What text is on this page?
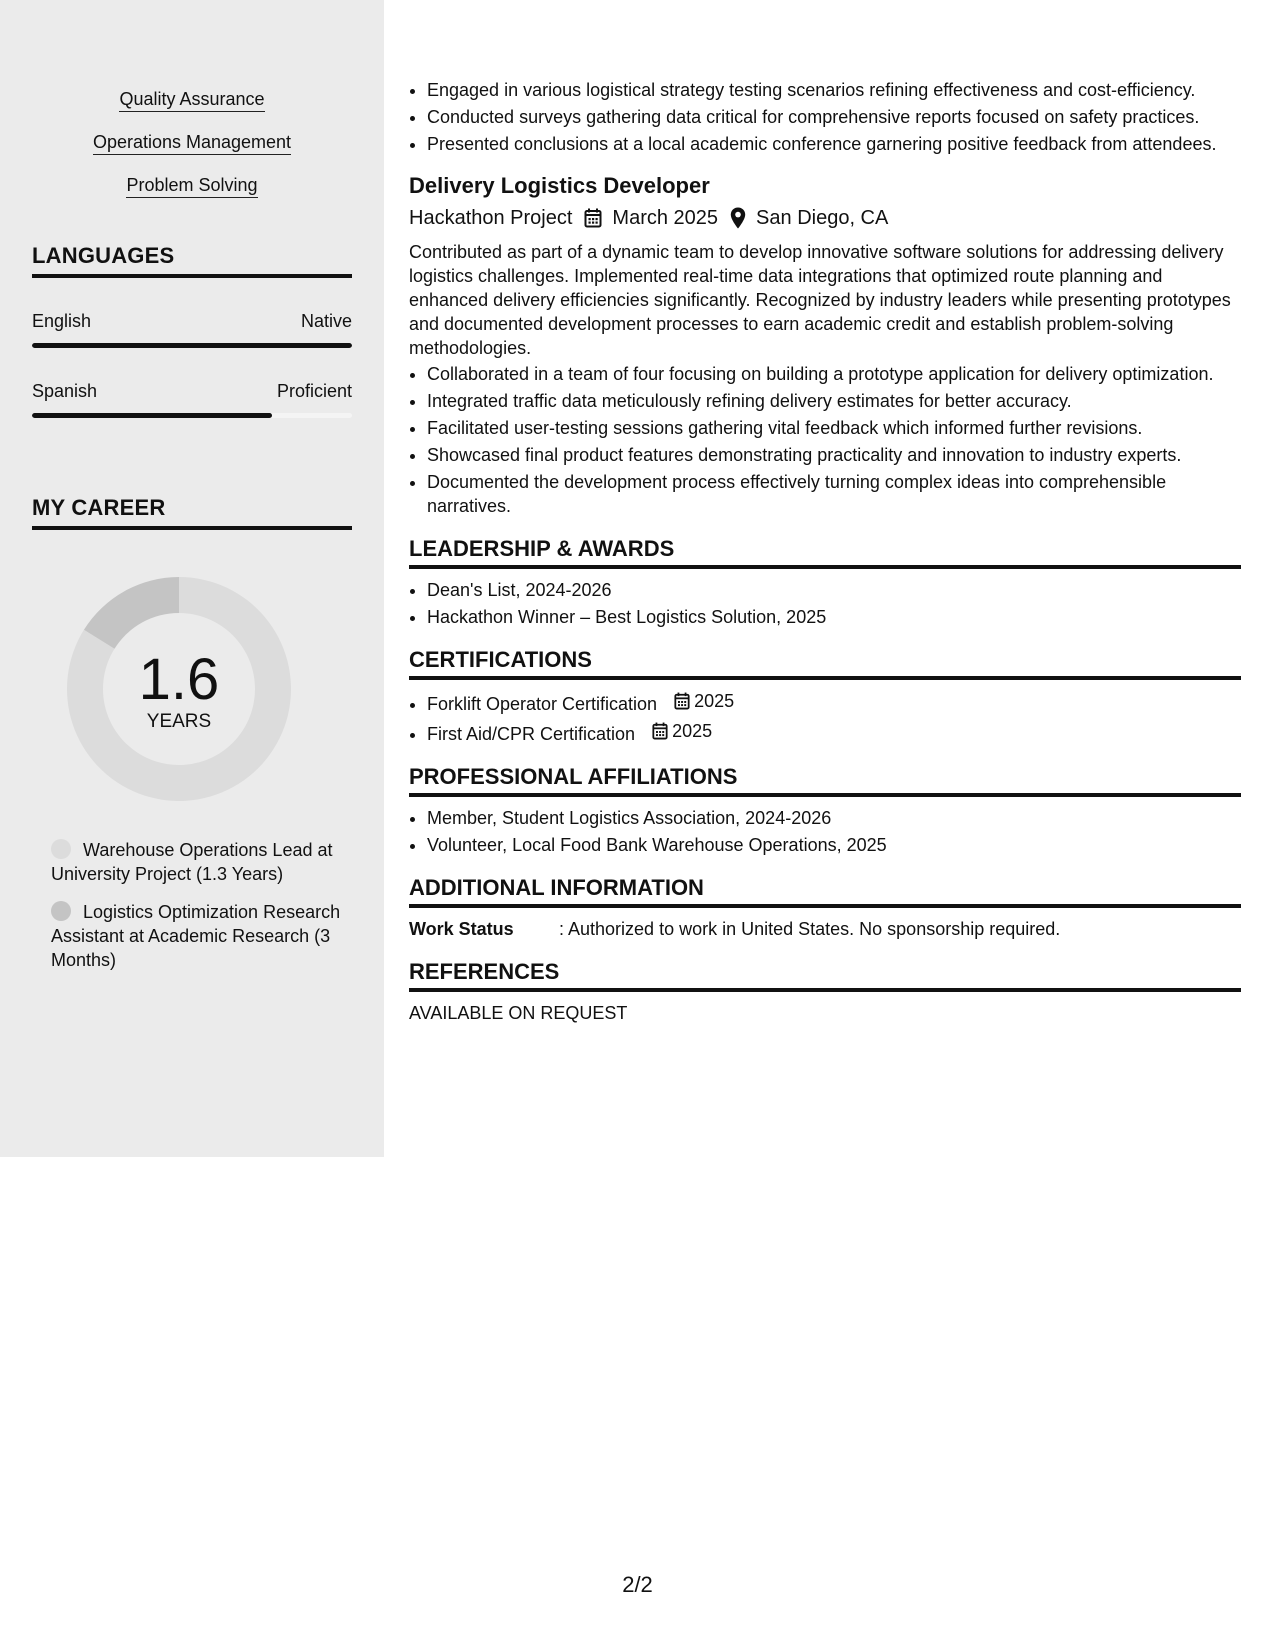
Quality Assurance
Operations Management
Problem Solving
LANGUAGES
English	Native
Spanish	Proficient
MY CAREER
1.6
YEARS
Warehouse Operations Lead at University Project (1.3 Years)
Logistics Optimization Research Assistant at Academic Research (3 Months)
• Engaged in various logistical strategy testing scenarios refining effectiveness and cost-efficiency.
• Conducted surveys gathering data critical for comprehensive reports focused on safety practices.
• Presented conclusions at a local academic conference garnering positive feedback from attendees.
Delivery Logistics Developer
Hackathon Project March 2025 San Diego, CA
Contributed as part of a dynamic team to develop innovative software solutions for addressing delivery logistics challenges. Implemented real-time data integrations that optimized route planning and enhanced delivery efficiencies significantly. Recognized by industry leaders while presenting prototypes and documented development processes to earn academic credit and establish problem-solving methodologies.
• Collaborated in a team of four focusing on building a prototype application for delivery optimization.
• Integrated traffic data meticulously refining delivery estimates for better accuracy.
• Facilitated user-testing sessions gathering vital feedback which informed further revisions.
• Showcased final product features demonstrating practicality and innovation to industry experts.
• Documented the development process effectively turning complex ideas into comprehensible narratives.
LEADERSHIP & AWARDS
• Dean's List, 2024-2026
• Hackathon Winner – Best Logistics Solution, 2025
CERTIFICATIONS
• Forklift Operator Certification 2025
• First Aid/CPR Certification 2025
PROFESSIONAL AFFILIATIONS
• Member, Student Logistics Association, 2024-2026
• Volunteer, Local Food Bank Warehouse Operations, 2025
ADDITIONAL INFORMATION
Work Status	: Authorized to work in United States. No sponsorship required.
REFERENCES
AVAILABLE ON REQUEST
2/2
